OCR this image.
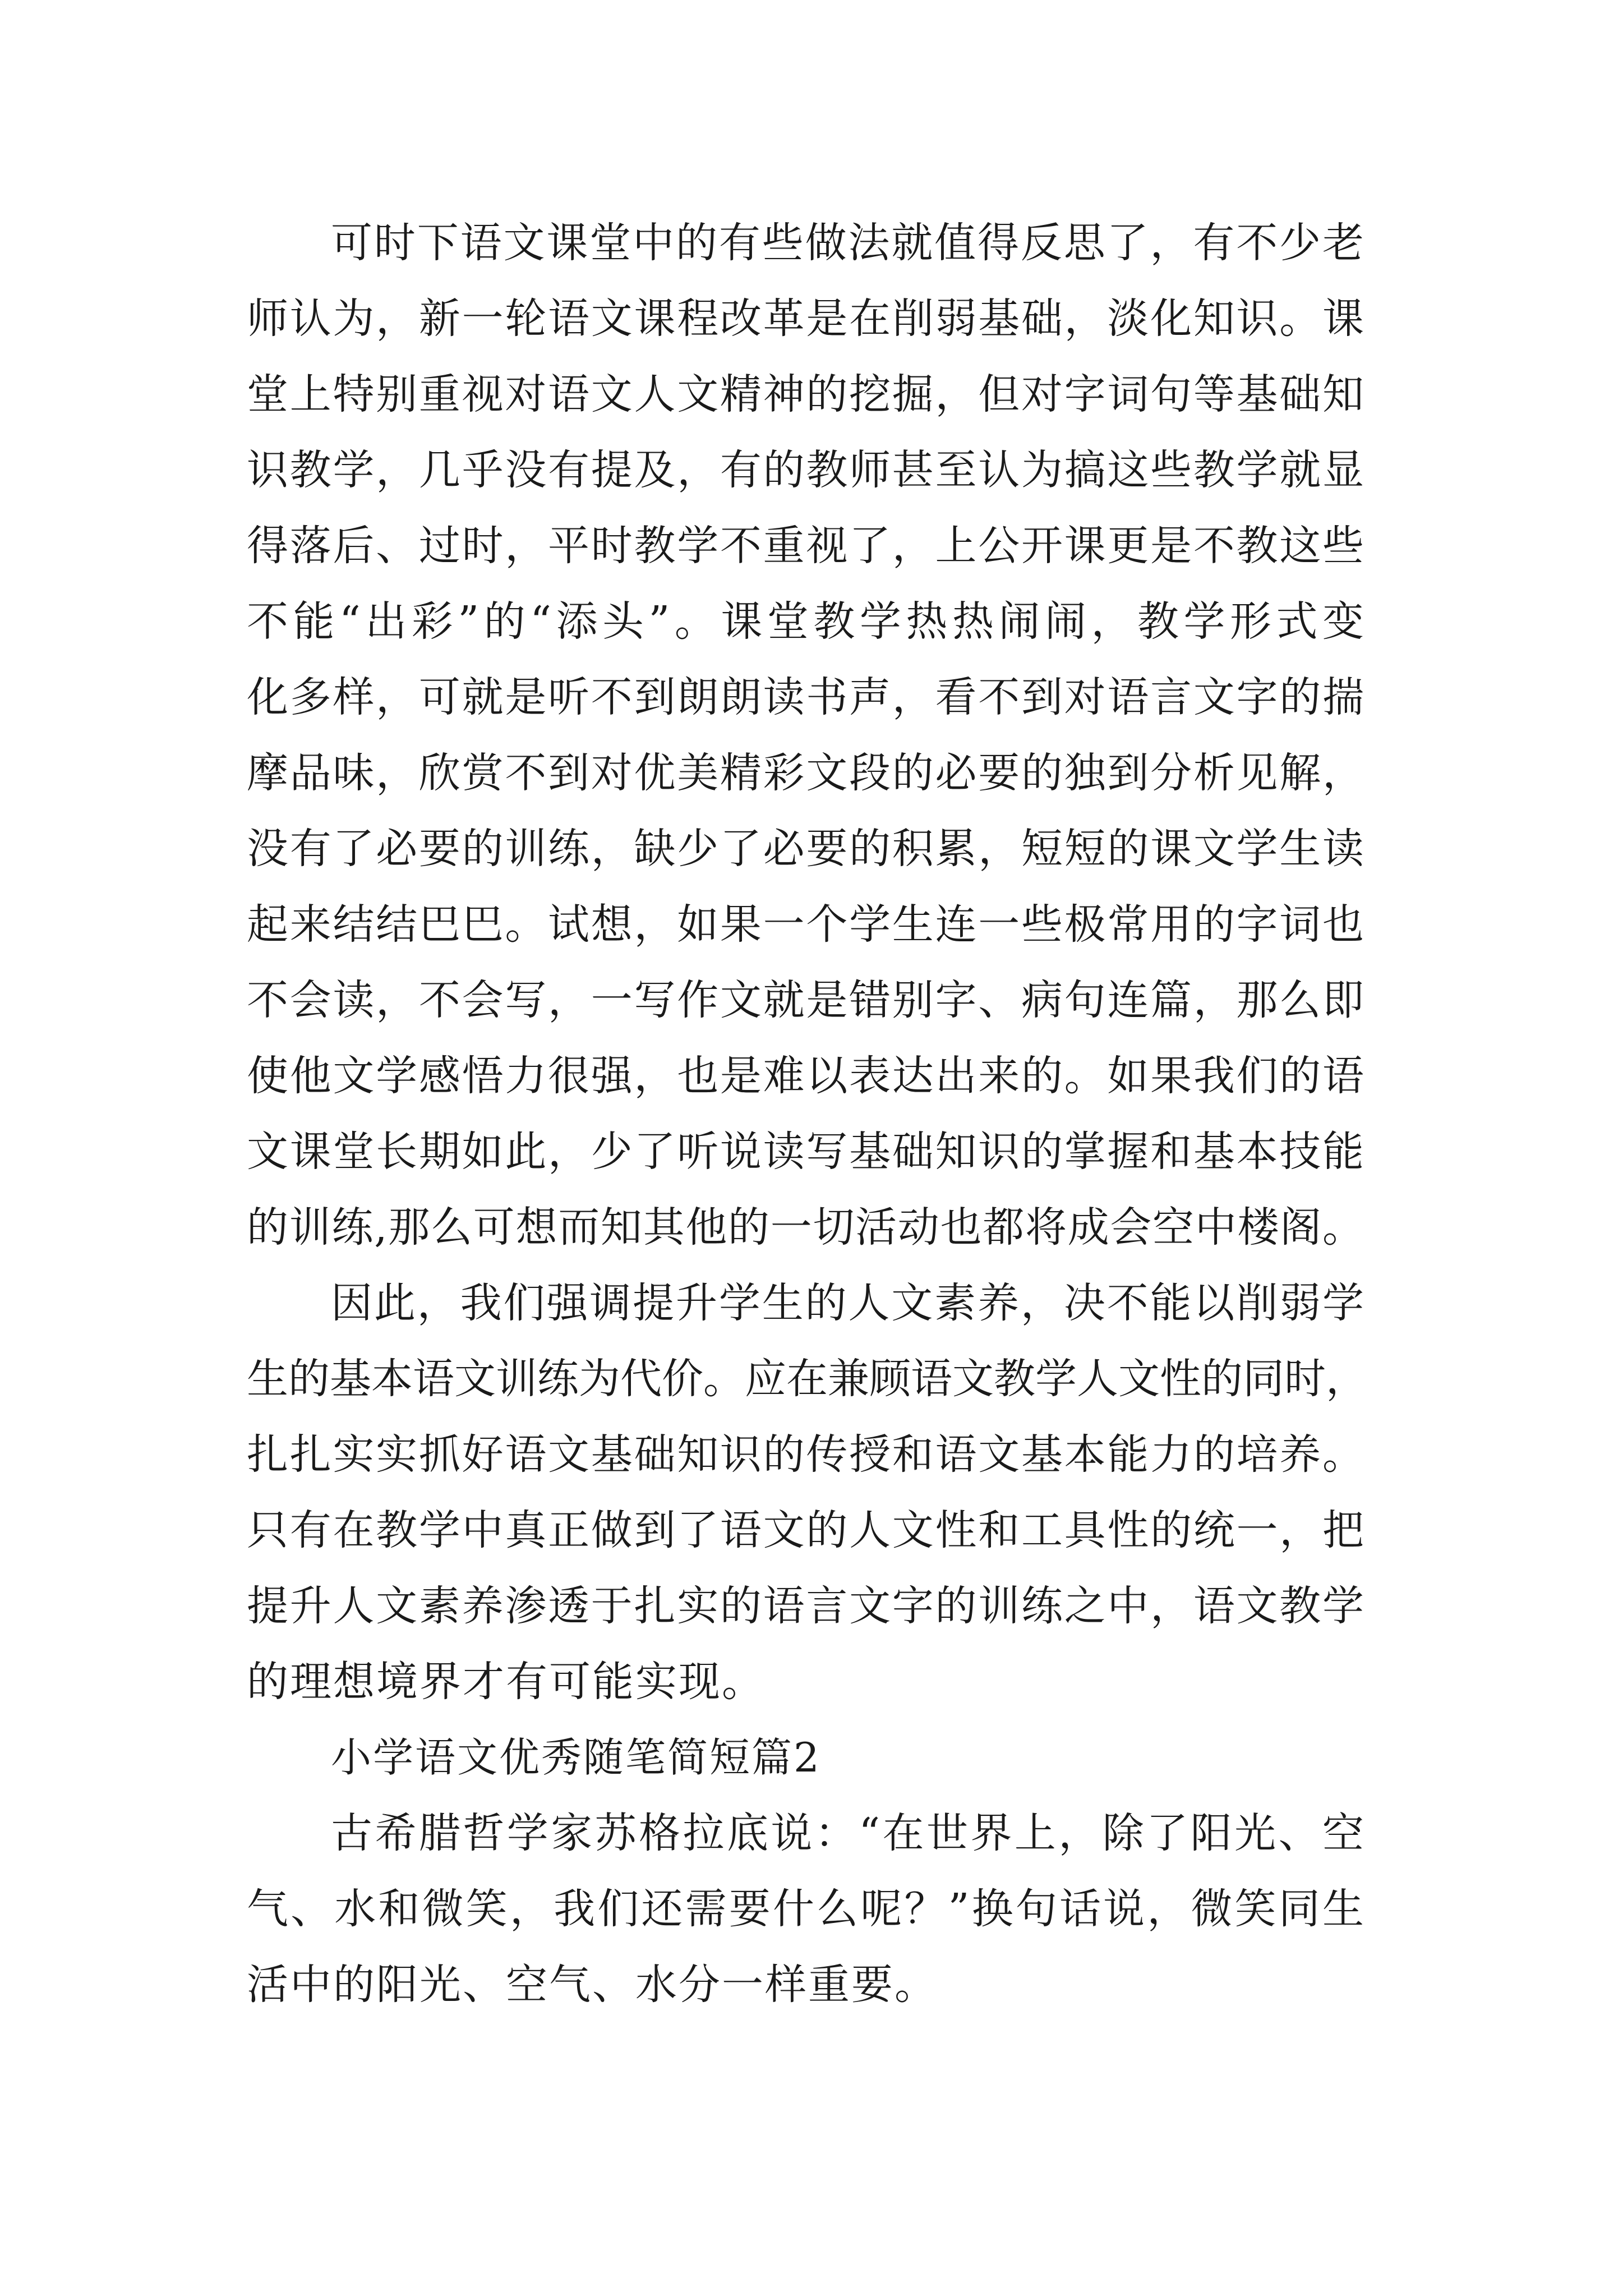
可时下语文课堂中的有些做法就值得反思了，有不少老
师认为，新一轮语文课程改革是在削弱基础，淡化知识。课
堂上特别重视对语文人文精神的挖掘，但对字词句等基础知
识教学，几乎没有提及，有的教师甚至认为搞这些教学就显
得落后、过时，平时教学不重视了，上公开课更是不教这些
不能“出彩”的“添头”。课堂教学热热闹闹，教学形式变
化多样，可就是听不到朗朗读书声，看不到对语言文字的揣
摩品味，欣赏不到对优美精彩文段的必要的独到分析见解，
没有了必要的训练，缺少了必要的积累，短短的课文学生读
起来结结巴巴。试想，如果一个学生连一些极常用的字词也
不会读，不会写，一写作文就是错别字、病句连篇，那么即
使他文学感悟力很强，也是难以表达出来的。如果我们的语
文课堂长期如此，少了听说读写基础知识的掌握和基本技能
的训练,那么可想而知其他的一切活动也都将成会空中楼阁。
因此，我们强调提升学生的人文素养，决不能以削弱学
生的基本语文训练为代价。应在兼顾语文教学人文性的同时，
扎扎实实抓好语文基础知识的传授和语文基本能力的培养。
只有在教学中真正做到了语文的人文性和工具性的统一，把
提升人文素养渗透于扎实的语言文字的训练之中，语文教学
的理想境界才有可能实现。
小学语文优秀随笔简短篇2
古希腊哲学家苏格拉底说：“在世界上，除了阳光、空
气、水和微笑，我们还需要什么呢？”换句话说，微笑同生
活中的阳光、空气、水分一样重要。
